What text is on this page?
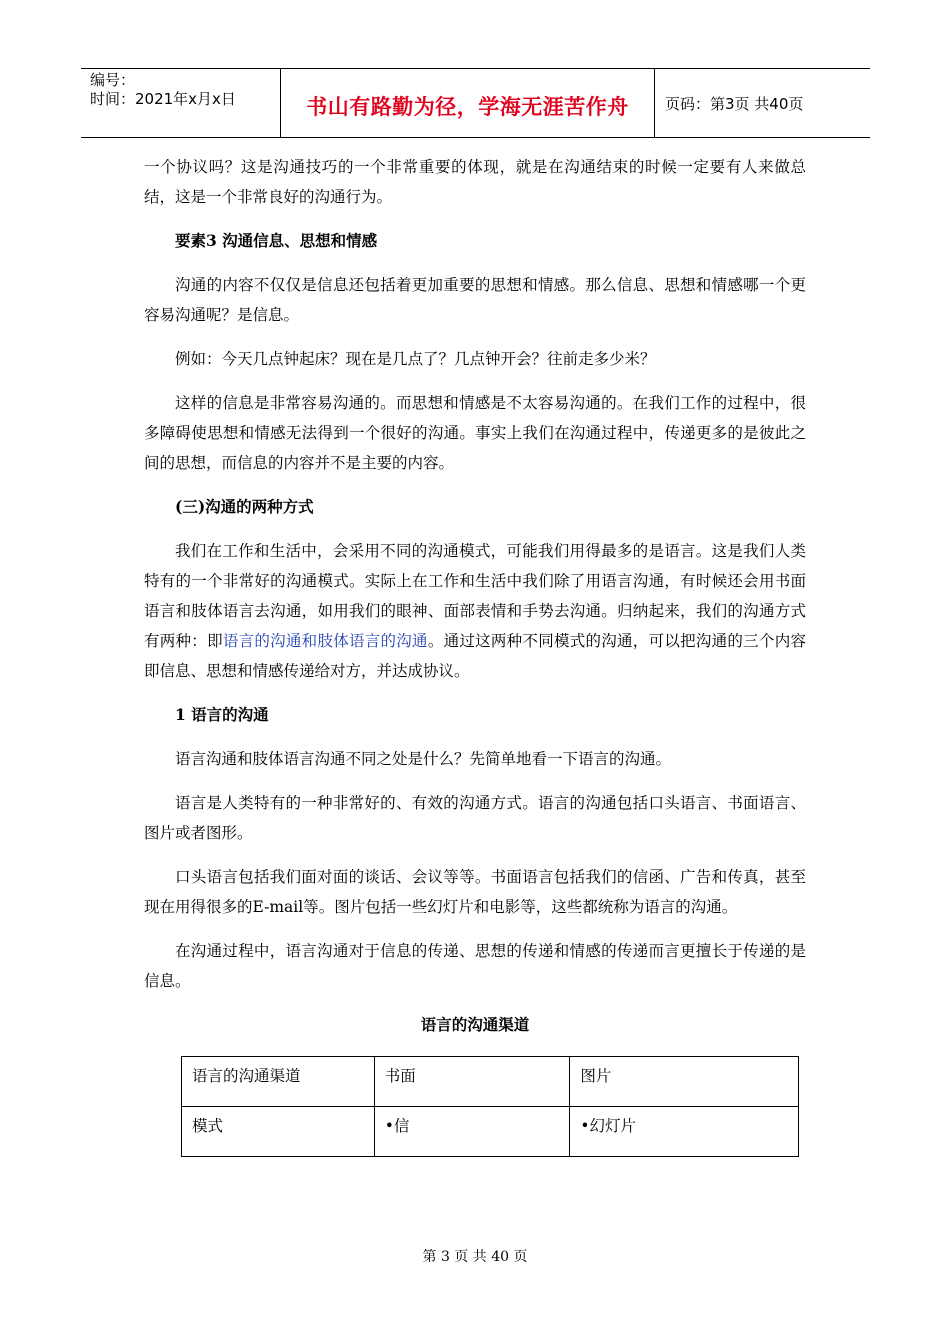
编号：
时间：2021年x月x日	书山有路勤为径，学海无涯苦作舟	页码：第3页 共40页

一个协议吗？这是沟通技巧的一个非常重要的体现，就是在沟通结束的时候一定要有人来做总结，这是一个非常良好的沟通行为。

要素3 沟通信息、思想和情感

沟通的内容不仅仅是信息还包括着更加重要的思想和情感。那么信息、思想和情感哪一个更容易沟通呢？是信息。

例如：今天几点钟起床？现在是几点了？几点钟开会？往前走多少米？

这样的信息是非常容易沟通的。而思想和情感是不太容易沟通的。在我们工作的过程中，很多障碍使思想和情感无法得到一个很好的沟通。事实上我们在沟通过程中，传递更多的是彼此之间的思想，而信息的内容并不是主要的内容。

(三)沟通的两种方式

我们在工作和生活中，会采用不同的沟通模式，可能我们用得最多的是语言。这是我们人类特有的一个非常好的沟通模式。实际上在工作和生活中我们除了用语言沟通，有时候还会用书面语言和肢体语言去沟通，如用我们的眼神、面部表情和手势去沟通。归纳起来，我们的沟通方式有两种：即语言的沟通和肢体语言的沟通。通过这两种不同模式的沟通，可以把沟通的三个内容即信息、思想和情感传递给对方，并达成协议。

1 语言的沟通

语言沟通和肢体语言沟通不同之处是什么？先简单地看一下语言的沟通。

语言是人类特有的一种非常好的、有效的沟通方式。语言的沟通包括口头语言、书面语言、图片或者图形。

口头语言包括我们面对面的谈话、会议等等。书面语言包括我们的信函、广告和传真，甚至现在用得很多的E-mail等。图片包括一些幻灯片和电影等，这些都统称为语言的沟通。

在沟通过程中，语言沟通对于信息的传递、思想的传递和情感的传递而言更擅长于传递的是信息。

语言的沟通渠道
语言的沟通渠道	书面	图片
模式	•信	•幻灯片
第 3 页 共 40 页
